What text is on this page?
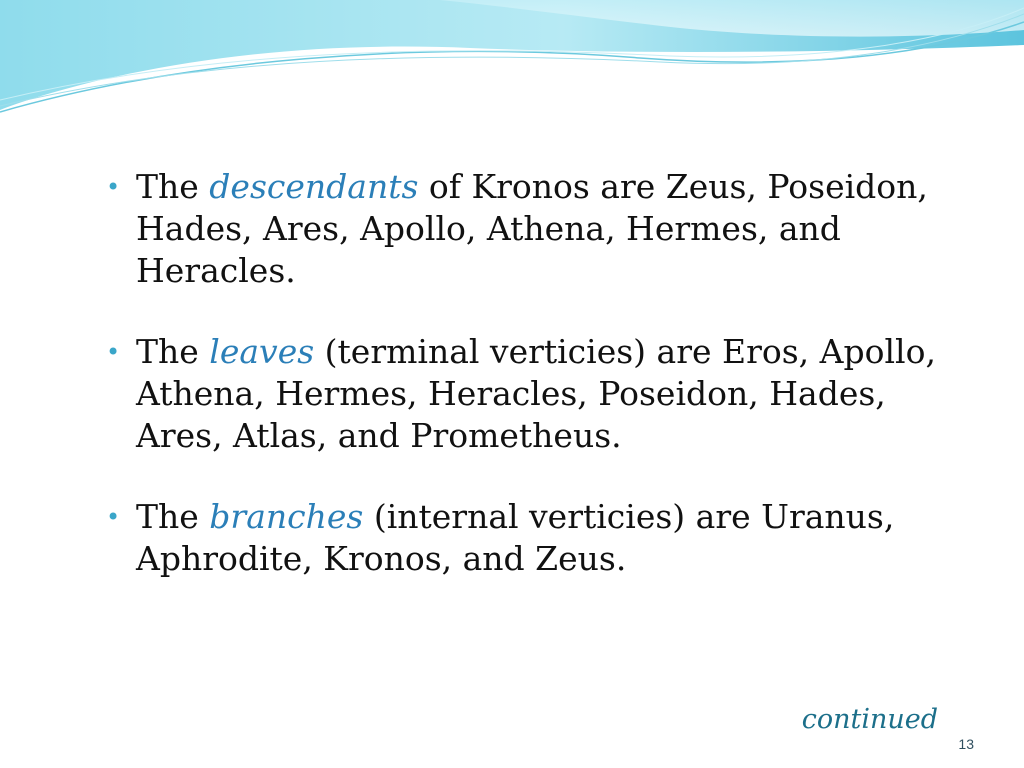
• The descendants of Kronos are Zeus, Poseidon, Hades, Ares, Apollo, Athena, Hermes, and Heracles.
• The leaves (terminal verticies) are Eros, Apollo, Athena, Hermes, Heracles, Poseidon, Hades, Ares, Atlas, and Prometheus.
• The branches (internal verticies) are Uranus, Aphrodite, Kronos, and Zeus.
continued
13
